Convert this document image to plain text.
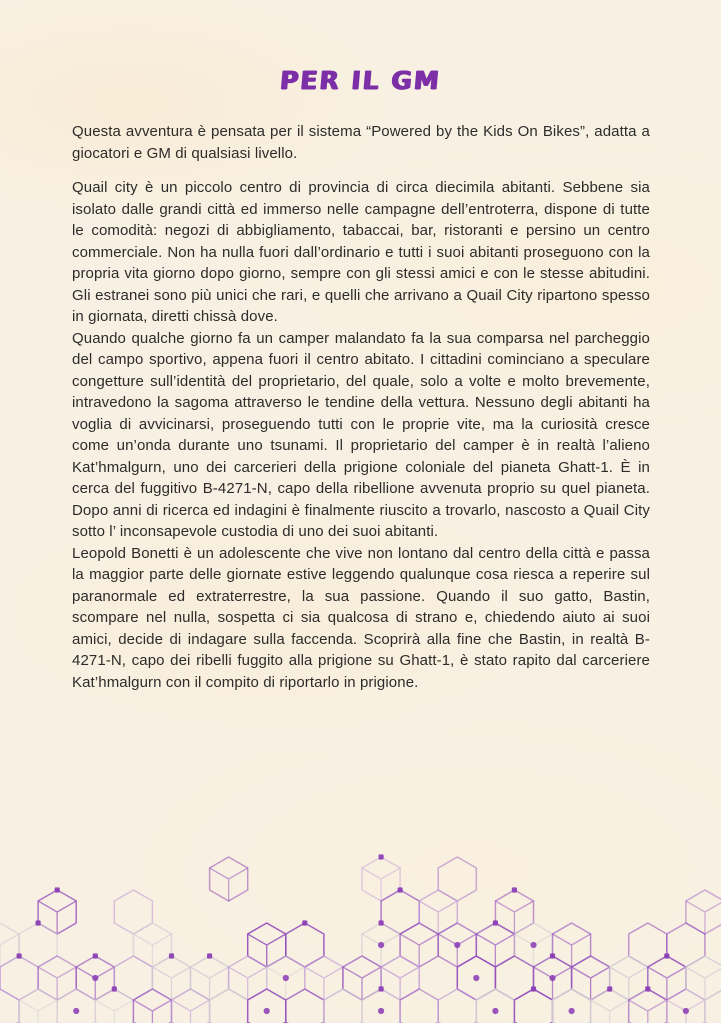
PER IL GM

Questa avventura è pensata per il sistema “Powered by the Kids On Bikes”, adatta a giocatori e GM di qualsiasi livello.

Quail city è un piccolo centro di provincia di circa diecimila abitanti. Sebbene sia isolato dalle grandi città ed immerso nelle campagne dell’entroterra, dispone di tutte le comodità: negozi di abbigliamento, tabaccai, bar, ristoranti e persino un centro commerciale. Non ha nulla fuori dall’ordinario e tutti i suoi abitanti proseguono con la propria vita giorno dopo giorno, sempre con gli stessi amici e con le stesse abitudini. Gli estranei sono più unici che rari, e quelli che arrivano a Quail City ripartono spesso in giornata, diretti chissà dove.

Quando qualche giorno fa un camper malandato fa la sua comparsa nel parcheggio del campo sportivo, appena fuori il centro abitato. I cittadini cominciano a speculare congetture sull’identità del proprietario, del quale, solo a volte e molto brevemente, intravedono la sagoma attraverso le tendine della vettura. Nessuno degli abitanti ha voglia di avvicinarsi, proseguendo tutti con le proprie vite, ma la curiosità cresce come un’onda durante uno tsunami. Il proprietario del camper è in realtà l’alieno Kat’hmalgurn, uno dei carcerieri della prigione coloniale del pianeta Ghatt-1. È in cerca del fuggitivo B-4271-N, capo della ribellione avvenuta proprio su quel pianeta. Dopo anni di ricerca ed indagini è finalmente riuscito a trovarlo, nascosto a Quail City sotto l’ inconsapevole custodia di uno dei suoi abitanti.

Leopold Bonetti è un adolescente che vive non lontano dal centro della città e passa la maggior parte delle giornate estive leggendo qualunque cosa riesca a reperire sul paranormale ed extraterrestre, la sua passione. Quando il suo gatto, Bastin, scompare nel nulla, sospetta ci sia qualcosa di strano e, chiedendo aiuto ai suoi amici, decide di indagare sulla faccenda. Scoprirà alla fine che Bastin, in realtà B-4271-N, capo dei ribelli fuggito alla prigione su Ghatt-1, è stato rapito dal carceriere Kat’hmalgurn con il compito di riportarlo in prigione.
